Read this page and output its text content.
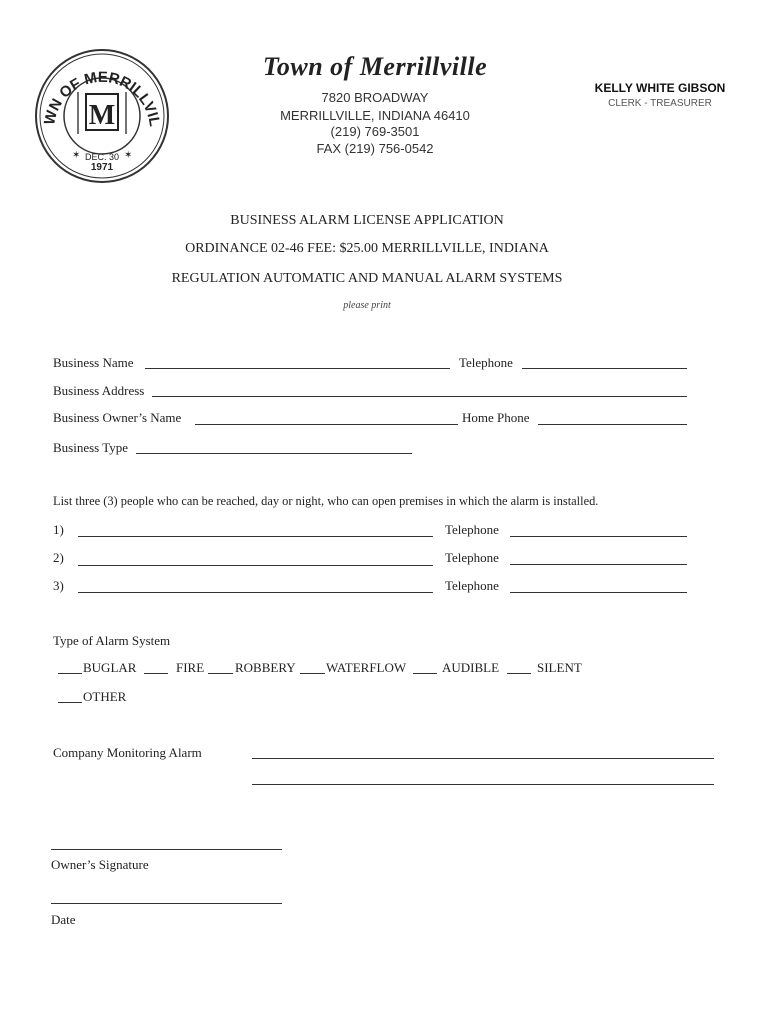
WN OF MERRILLVIL
M
✶	✶
DEC. 30
1971
Town of Merrillville
7820 BROADWAY
MERRILLVILLE, INDIANA 46410
(219) 769-3501
FAX (219) 756-0542
KELLY WHITE GIBSON
CLERK - TREASURER
BUSINESS ALARM LICENSE APPLICATION
ORDINANCE 02-46 FEE: $25.00 MERRILLVILLE, INDIANA
REGULATION AUTOMATIC AND MANUAL ALARM SYSTEMS
please print
Business Name	Telephone
Business Address
Business Owner’s Name	Home Phone
Business Type
List three (3) people who can be reached, day or night, who can open premises in which the alarm is installed.
1)	Telephone
2)	Telephone
3)	Telephone
Type of Alarm System
BUGLAR	FIRE ROBBERY WATERFLOW	AUDIBLE	SILENT
OTHER
Company Monitoring Alarm
Owner’s Signature
Date
